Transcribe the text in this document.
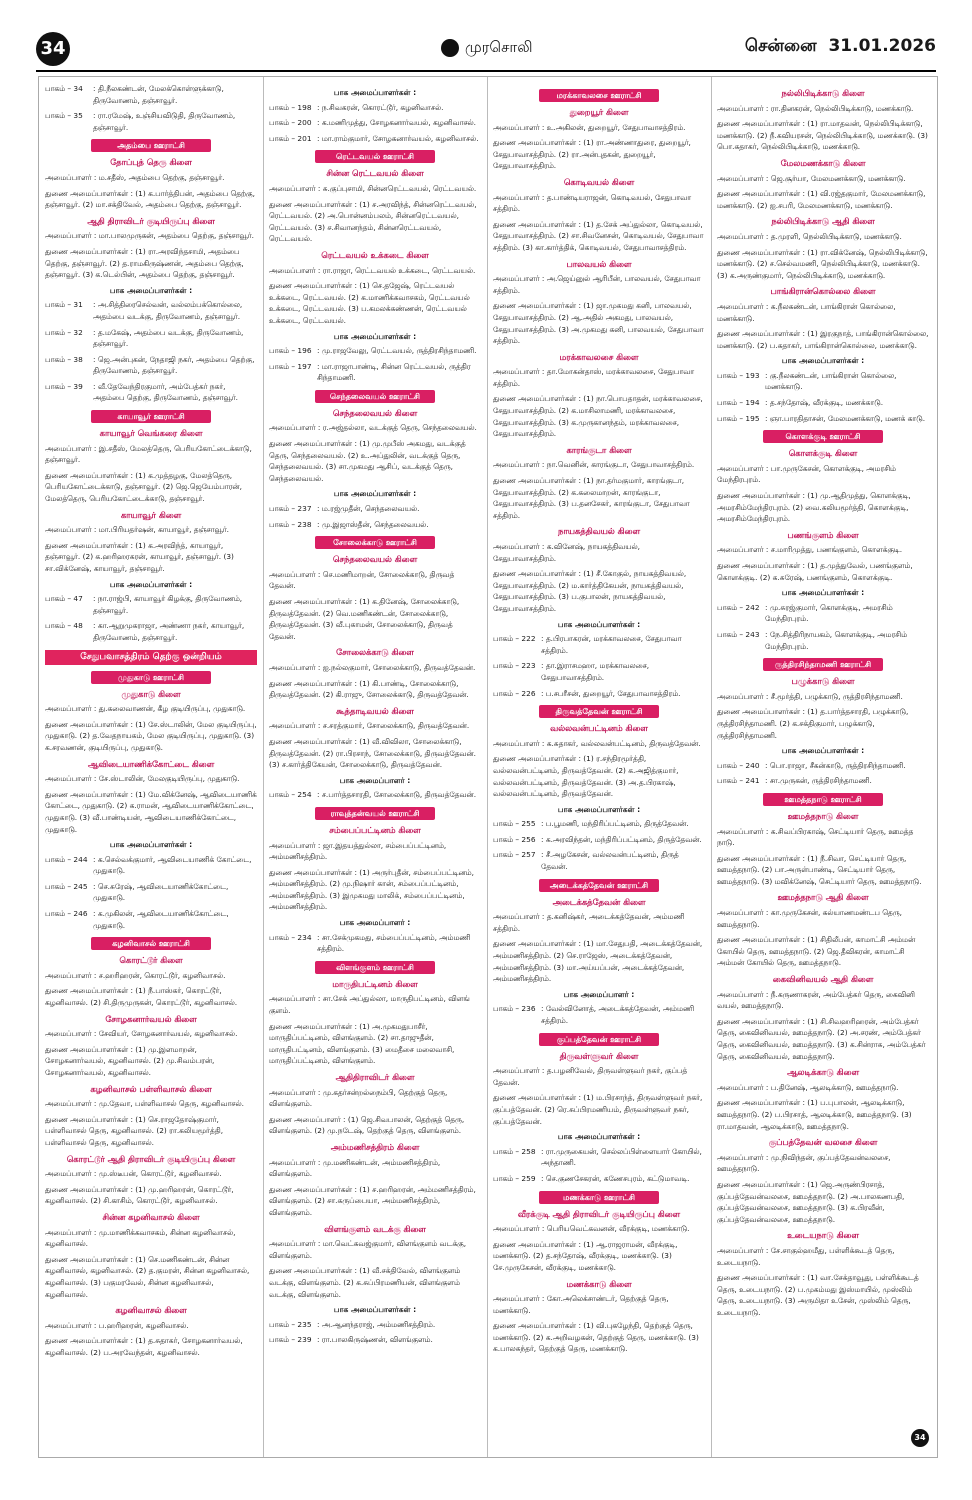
34	முரசொலி	சென்னை 31.01.2026
பாகம் – 34	: தி.நீலகண்டன், மேலக்கொள்ளுக்காடு, திருவோணம், தஞ்சாவூர்.
பாகம் – 35	: ரா.ரமேஷ், உஞ்சியவிடுதி, திருவோணம், தஞ்சாவூர்.
அதம்பை ஊராட்சி
தோப்புத் தெரு கிளை

அமைப்பாளர் : ம.சதீஸ், அதம்பை தெற்கு, தஞ்சாவூர்.

துணை அமைப்பாளர்கள் : (1) க.பார்த்திபன், அதம்பை தெற்கு, தஞ்சாவூர். (2) மா.சக்திவேல், அதம்பை தெற்கு, தஞ்சாவூர்.

ஆதி திராவிடர் குடியிருப்பு கிளை

அமைப்பாளர் : மா.பாலமுருகன், அதம்பை தெற்கு, தஞ்சாவூர்.

துணை அமைப்பாளர்கள் : (1) ரா.அரவிந்தசாமி, அதம்பை தெற்கு, தஞ்சாவூர். (2) த.ராமகிருஷ்ணன், அதம்பை தெற்கு, தஞ்சாவூர். (3) க.டெல்பின், அதம்பை தெற்கு, தஞ்சாவூர்.

பாக அமைப்பாளர்கள் :
பாகம் – 31	: அ.சித்திரைசெல்வன், வல்லம்பக்கொல்லை, அதம்பை வடக்கு, திருவோணம், தஞ்சாவூர்.
பாகம் – 32	: த.மகேஷ், அதம்பை வடக்கு, திருவோணம், தஞ்சாவூர்.
பாகம் – 38	: ஜெ.அன்புகன், நேதாஜி நகர், அதம்பை தெற்கு, திருவோணம், தஞ்சாவூர்.
பாகம் – 39	: வீ.தேவேந்திரகுமார், அம்பேத்கர் நகர், அதம்பை தெற்கு, திருவோணம், தஞ்சாவூர்.
காயாவூர் ஊராட்சி
காயாவூர் வெங்கரை கிளை

அமைப்பாளர் : இ.சதீஸ், மேலத்தெரு, பெரியகோட்டைக்காடு, தஞ்சாவூர்.

துணை அமைப்பாளர்கள் : (1) க.முத்தழகு, மேலத்தெரு, பெரியகோட்டைக்காடு, தஞ்சாவூர். (2) ஜெ.ஜெயேம்பாரன், மேலத்தெரு, பெரியகோட்டைக்காடு, தஞ்சாவூர்.

காயாவூர் கிளை

அமைப்பாளர் : மா.பிரியதர்ஷன், காயாவூர், தஞ்சாவூர்.

துணை அமைப்பாளர்கள் : (1) க.அரவிந்த், காயாவூர், தஞ்சாவூர். (2) க.ஹரிஹரகரன், காயாவூர், தஞ்சாவூர். (3) சா.விக்னேஷ், காயாவூர், தஞ்சாவூர்.

பாக அமைப்பாளர்கள் :
பாகம் – 47	: நா.ராஜ்பி, காயாவூர் கிழக்கு, திருவோணம், தஞ்சாவூர்.
பாகம் – 48	: கா.ஆறுமுகராஜா, அண்ணா நகர், காயாவூர், திருவோணம், தஞ்சாவூர்.
சேதுபவாசத்திரம் தெற்கு ஒன்றியம்
முதுகாடு ஊராட்சி
முதுகாடு கிளை

அமைப்பாளர் : து.கலைவாணன், கீழ குடியிருப்பு, முதுகாடு.

துணை அமைப்பாளர்கள் : (1) சே.ஸ்டாலின், மேல குடியிருப்பு, முதுகாடு. (2) த.வேதநாயகம், மேல குடியிருப்பு, முதுகாடு. (3) க.சரவணன், குடியிருப்பு, முதுகாடு.

ஆவிடையாணிக்கோட்டை கிளை

அமைப்பாளர் : சே.ஸ்டாலின், மேலகுடியிருப்பு, முதுகாடு.

துணை அமைப்பாளர்கள் : (1) மே.விக்னேஷ், ஆவிடையாணிக் கோட்டை, முதுகாடு. (2) க.ராமன், ஆவிடையாணிக்கோட்டை, முதுகாடு. (3) வீ.பாண்டியன், ஆவிடையாணிக்கோட்டை, முதுகாடு.

பாக அமைப்பாளர்கள் :
பாகம் – 244 : க.செல்வக்குமார், ஆவிடையாணிக் கோட்டை, முதுகாடு.
பாகம் – 245 : செ.சுரேஷ், ஆவிடையாணிக்கோட்டை, முதுகாடு.
பாகம் – 246 : க.முகிலன், ஆவிடையாணிக்கோட்டை, முதுகாடு.
கழனிவாசல் ஊராட்சி
கொரட்டூர் கிளை

அமைப்பாளர் : ச.ஹரிஹரன், கொரட்டூர், கழனிவாசல்.

துணை அமைப்பாளர்கள் : (1) நீ.பாஸ்கர், கொரட்டூர், கழனிவாசல். (2) சி.திருமுருகன், கொரட்டூர், கழனிவாசல்.

சோழகனார்வயல் கிளை

அமைப்பாளர் : சேவியர், சோழகனார்வயல், கழனிவாசல்.

துணை அமைப்பாளர்கள் : (1) மு.இளமாறன், சோழகனார்வயல், கழனிவாசல். (2) மு.சிவம்பரன், சோழகனார்வயல், கழனிவாசல்.

கழனிவாசல் பள்ளிவாசல் கிளை

அமைப்பாளர் : மு.தேவா, பள்ளிவாசல் தெரு, கழனிவாசல்.

துணை அமைப்பாளர்கள் : (1) செ.ராஜதோஷ்குமார், பள்ளிவாசல் தெரு, கழனிவாசல். (2) ரா.கலியமூர்த்தி, பள்ளிவாசல் தெரு, கழனிவாசல்.

கொரட்டூர் ஆதி திராவிடர் குடியிருப்பு கிளை

அமைப்பாளர் : மு.ஸ்டீபன், கொரட்டூர், கழனிவாசல்.

துணை அமைப்பாளர்கள் : (1) மு.ஹரிஹரன், கொரட்டூர், கழனிவாசல். (2) சி.காசிம், கொரட்டூர், கழனிவாசல்.

சின்ன கழனிவாசல் கிளை

அமைப்பாளர் : மு.மாணிக்கவாசகம், சின்ன கழனிவாசல், கழனிவாசல்.

துணை அமைப்பாளர்கள் : (1) செ.மணிகண்டன், சின்ன கழனிவாசல், கழனிவாசல். (2) த.குமரன், சின்ன கழனிவாசல், கழனிவாசல். (3) பகுமரவேல், சின்ன கழனிவாசல், கழனிவாசல்.

கழனிவாசல் கிளை

அமைப்பாளர் : ப.ஹரிஹரன், கழனிவாசல்.

துணை அமைப்பாளர்கள் : (1) த.சுதாகர், சோழகனார்வயல், கழனிவாசல். (2) ப.அரவேந்தன், கழனிவாசல்.

பாக அமைப்பாளர்கள் :
பாகம் – 198 : ந.சிவகரன், கொரட்டூர், கழனிவாசல்.
பாகம் – 200 : க.மணிமுத்து, சோழகனார்வயல், கழனிவாசல்.
பாகம் – 201 : மா.ராம்குமார், சோழகனார்வயல், கழனிவாசல்.
ரெட்டவயல் ஊராட்சி
சின்ன ரெட்டவயல் கிளை

அமைப்பாளர் : சு.குப்புசாமி, சின்னரெட்டவயல், ரெட்டவயல்.

துணை அமைப்பாளர்கள் : (1) ச.அரவிந்த், சின்னரெட்டவயல், ரெட்டவயல். (2) அ.பொன்னம்பலம், சின்னரெட்டவயல், ரெட்டவயல். (3) ச.சிவானந்தம், சின்னரெட்டவயல், ரெட்டவயல்.

ரெட்டவயல் உக்கடை கிளை

அமைப்பாளர் : ரா.ராஜா, ரெட்டவயல் உக்கடை, ரெட்டவயல்.

துணை அமைப்பாளர்கள் : (1) செ.தஜேஷ், ரெட்டவயல் உக்கடை, ரெட்டவயல். (2) க.மாணிக்கவாசகம், ரெட்டவயல் உக்கடை, ரெட்டவயல். (3) ப.கமலக்கண்ணன், ரெட்டவயல் உக்கடை, ரெட்டவயல்.

பாக அமைப்பாளர்கள் :
பாகம் – 196 : மு.ராஜவேலு, ரெட்டவயல், ருத்திரசிந்தாமணி.
பாகம் – 197 : மா.ராஜாபாண்டி, சின்ன ரெட்டவயல், ருத்திர சிந்தாமணி.
செந்தலைவயல் ஊராட்சி
செந்தலைவயல் கிளை

அமைப்பாளர் : ர.அஜ்தல்லா, வடக்குத் தெரு, செந்தலைவயல்.

துணை அமைப்பாளர்கள் : (1) மு.முபீஸ் அகமது, வடக்குத் தெரு, செந்தலைவயல். (2) உ.அப்துலின், வடக்குத் தெரு, செந்தலைவயல். (3) சா.முகமது ஆசிப், வடக்குத் தெரு, செந்தலைவயல்.

பாக அமைப்பாளர்கள் :
பாகம் – 237 : ம.ரஜ்முதீன், செந்தலைவயல்.
பாகம் – 238 : மு.இஜாஸ்தீன், செந்தலைவயல்.
சோலைக்காடு ஊராட்சி
செந்தலைவயல் கிளை

அமைப்பாளர் : செ.மணிமாறன், சோலைக்காடு, திருவத் தேவன்.

துணை அமைப்பாளர்கள் : (1) க.தினேஷ், சோலைக்காடு, திருவத்தேவன். (2) வெ.மணிகண்டன், சோலைக்காடு, திருவத்தேவன். (3) வீ.புகாமன், சோலைக்காடு, திருவத் தேவன்.

சோலைக்காடு கிளை

அமைப்பாளர் : ஐ.நல்லகுமார், சோலைக்காடு, திருவத்தேவன்.

துணை அமைப்பாளர்கள் : (1) கி.பாண்டி, சோலைக்காடு, திருவத்தேவன். (2) கி.ராஜு, சோலைக்காடு, திருவத்தேவன்.

கூத்தாடிவயல் கிளை

அமைப்பாளர் : ச.சரத்குமார், சோலைக்காடு, திருவத்தேவன்.

துணை அமைப்பாளர்கள் : (1) வீ.விவிலா, சோலைக்காடு, திருவத்தேவன். (2) ரா.பிரசாந், சோலைக்காடு, திருவத்தேவன். (3) ச.கார்த்திகேயன், சோலைக்காடு, திருவத்தேவன்.

பாக அமைப்பாளர் :
பாகம் – 254 : ச.பார்த்தசாரதி, சோலைக்காடு, திருவத்தேவன்.
ராவுத்தன்வயல் ஊராட்சி
சம்பைப்பட்டினம் கிளை

அமைப்பாளர் : ஜா.இதயத்துல்லா, சம்பைப்பட்டினம், அம்மணிசத்திரம்.

துணை அமைப்பாளர்கள் : (1) அருர்புதீன், சம்பைப்பட்டினம், அம்மணிசத்திரம். (2) மு.நிஷார் கான், சம்பைப்பட்டினம், அம்மணிசத்திரம். (3) இமுகமது மாலிக், சம்பைப்பட்டினம், அம்மணிசத்திரம்.

பாக அமைப்பாளர் :
பாகம் – 234 : சா.சேக்முகமது, சம்பைப்பட்டினம், அம்மணி சத்திரம்.
விளங்குளம் ஊராட்சி
மாருதிபட்டினம் கிளை

அமைப்பாளர் : சா.சேக் அப்துல்லா, மாருதிபட்டினம், விளங் குளம்.

துணை அமைப்பாளர்கள் : (1) அ.முகமதுபாசீர், மாருதிப்பட்டினம், விளங்குளம். (2) சா.தாஜுதீன், மாருதிபட்டினம், விளங்குளம். (3) மைதீசை மலைவாசி, மாருதிப்பட்டினம், விளங்குளம்.

ஆதிதிராவிடர் கிளை

அமைப்பாளர் : மு.கதர்சன்றல்நைம்பி, தெற்குத் தெரு, விளங்குளம்.

துணை அமைப்பாளர் : (1) ஜெ.சிவபாலன், தெற்குத் தெரு, விளங்குளம். (2) மு.நடேஷ், தெற்குத் தெரு, விளங்குளம்.

அம்மணிசத்திரம் கிளை

அமைப்பாளர் : மு.மணிகண்டன், அம்மணிசத்திரம், விளங்குளம்.

துணை அமைப்பாளர்கள் : (1) ச.ஹரிஹரன், அம்மணிசத்திரம், விளங்குளம். (2) சா.கருப்பையா, அம்மணிசத்திரம், விளங்குளம்.

விளங்குளம் வடக்கு கிளை

அமைப்பாளர் : மா.வெட்கவஜ்குமார், விளங்குளம் வடக்கு, விளங்குளம்.

துணை அமைப்பாளர்கள் : (1) வீ.சக்திவேல், விளங்குளம் வடக்கு, விளங்குளம். (2) க.சுப்பிரமணியன், விளங்குளம் வடக்கு, விளங்குளம்.

பாக அமைப்பாளர்கள் :
பாகம் – 235 : அ.ஆனந்தராஜ், அம்மணிசத்திரம்.
பாகம் – 239 : ரா.பாலகிருஷ்ணன், விளங்குளம்.
மரக்காவலசை ஊராட்சி
துறையூர் கிளை

அமைப்பாளர் : உ.அகிலன், துறையூர், சேதுபாவாசத்திரம்.

துணை அமைப்பாளர்கள் : (1) ரா.அண்ணாதுரை, துறையூர், சேதுபாவாசத்திரம். (2) ரா.அன்புதகன், துறையூர், சேதுபாவாசத்திரம்.

கொடிவயல் கிளை

அமைப்பாளர் : த.பாண்டியராஜன், கொடிவயல், சேதுபாவா சத்திரம்.

துணை அமைப்பாளர்கள் : (1) த.சேக் அப்துல்லா, கொடிவயல், சேதுபாவாசத்திரம். (2) சா.சிவனேசன், கொடிவயல், சேதுபாவா சத்திரம். (3) கா.கார்த்திக், கொடிவயல், சேதுபாவாசத்திரம்.

பாலவயல் கிளை

அமைப்பாளர் : அ.ஜெய்னுல் ஆரிபீன், பாலவயல், சேதுபாவா சத்திரம்.

துணை அமைப்பாளர்கள் : (1) ஜா.முகமது கனி, பாலவயல், சேதுபாவாசத்திரம். (2) ஆ.அதில் அகமது, பாலவயல், சேதுபாவாசத்திரம். (3) அ.முகமது கனி, பாலவயல், சேதுபாவா சத்திரம்.

மரக்காவலசை கிளை

அமைப்பாளர் : தா.மோகன்தாஸ், மரக்காவலசை, சேதுபாவா சத்திரம்.

துணை அமைப்பாளர்கள் : (1) நா.பொபதாதன், மரக்காவலசை, சேதுபாவாசத்திரம். (2) க.மாசிலாமணி, மரக்காவலசை, சேதுபாவாசத்திரம். (3) க.முருகானந்தம், மரக்காவலசை, சேதுபாவாசத்திரம்.

காரங்குடா கிளை

அமைப்பாளர் : நா.வெனின், காரங்குடா, சேதுபாவாசத்திரம்.

துணை அமைப்பாளர்கள் : (1) நா.தர்மகுமார், காரங்குடா, சேதுபாவாசத்திரம். (2) க.கலைமாறன், காரங்குடா, சேதுபாவாசத்திரம். (3) ப.தனசேகர், காரங்குடா, சேதுபாவா சத்திரம்.

நாயகத்திவயல் கிளை

அமைப்பாளர் : க.வினேஷ், நாயகத்திவயல், சேதுபாவாசத்திரம்.

துணை அமைப்பாளர்கள் : (1) சீ.கோகுல், நாயகத்திவயல், சேதுபாவாசத்திரம். (2) ம.கார்த்திகேயன், நாயகத்திவயல், சேதுபாவாசத்திரம். (3) ப.குபாலன், நாயகத்திவயல், சேதுபாவாசத்திரம்.

பாக அமைப்பாளர்கள் :
பாகம் – 222 : த.பிரபாகரன், மரக்காவலசை, சேதுபாவா சத்திரம்.
பாகம் – 223 : தா.இராசமஹா, மரக்காவலசை, சேதுபாவாசத்திரம்.
பாகம் – 226 : ப.சபரீசன், துறையூர், சேதுபாவாசத்திரம்.
திருவத்தேவன் ஊராட்சி
வல்லவன்பட்டினம் கிளை

அமைப்பாளர் : க.சுதாகர், வல்லவன்பட்டினம், திருவத்தேவன்.

துணை அமைப்பாளர்கள் : (1) ர.சந்திரமூர்த்தி, வல்லவன்பட்டினம், திருவத்தேவன். (2) க.அஜித்குமார், வல்லவன்பட்டினம், திருவத்தேவன். (3) அ.த.பிரகாஷ், வல்லவன்பட்டினம், திருவத்தேவன்.

பாக அமைப்பாளர்கள் :
பாகம் – 255 : ப.பூமணி, மந்திரிப்பட்டினம், திருத்தேவன்.
பாகம் – 256 : க.அரவிந்தன், மந்திரிப்பட்டினம், திருத்தேவன்.
பாகம் – 257 : சீ.அழகேசன், வல்லவன்பட்டினம், திருத் தேவன்.
அடைக்கத்தேவன் ஊராட்சி
அடைக்கத்தேவன் கிளை

அமைப்பாளர் : த.கனிஷ்கர், அடைக்கத்தேவன், அம்மணி சத்திரம்.

துணை அமைப்பாளர்கள் : (1) மா.சேதுபதி, அடைக்கத்தேவன், அம்மணிசத்திரம். (2) செ.ராஜேஸ், அடைக்கத்தேவன், அம்மணிசத்திரம். (3) மா.அய்யப்பன், அடைக்கத்தேவன், அம்மணிசத்திரம்.

பாக அமைப்பாளர் :
பாகம் – 236 : வேல்வினோத், அடைக்கத்தேவன், அம்மணி சத்திரம்.
குப்பத்தேவன் ஊராட்சி
திருவள்ளுவர் கிளை

அமைப்பாளர் : த.பழனிவேல், திருவள்ளுவர் நகர், குப்பத் தேவன்.

துணை அமைப்பாளர்கள் : (1) ம.பிரசாந்த், திருவள்ளுவர் நகர், குப்பத்தேவன். (2) ரெ.சுப்பிரமணியம், திருவள்ளுவர் நகர், குப்பத்தேவன்.

பாக அமைப்பாளர்கள் :
பாகம் – 258 : ரா.முருகையன், செல்லப்பிள்ளையார் கோயில், அந்தாணி.
பாகம் – 259 : செ.குணசேகரன், கணேசபுரம், கட்டுமாவடி.
மணக்காடு ஊராட்சி
வீரக்குடி ஆதி திராவிடர் குடியிருப்பு கிளை

அமைப்பாளர் : பெரியவெட்கவனன், வீரக்குடி, மணக்காடு.

துணை அமைப்பாளர்கள் : (1) ஆ.ராஜராமன், வீரக்குடி, மணக்காடு. (2) த.சந்தோஷ், வீரக்குடி, மணக்காடு. (3) சே.முருகேசன், வீரக்குடி, மணக்காடு.

மணக்காடு கிளை

அமைப்பாளர் : கோ.அலெக்சாண்டர், தெற்குத் தெரு, மணக்காடு.

துணை அமைப்பாளர்கள் : (1) வி.புகழேந்தி, தெற்குத் தெரு, மணக்காடு. (2) க.அறிவழகன், தெற்குத் தெரு, மணக்காடு. (3) க.பாலசுந்தர், தெற்குத் தெரு, மணக்காடு.

நல்லிபிடிக்காடு கிளை

அமைப்பாளர் : ரா.தினகரன், நெல்லிபிடிக்காடு, மணக்காடு.

துணை அமைப்பாளர்கள் : (1) ரா.மாதவன், நெல்லிபிடிக்காடு, மணக்காடு. (2) நீ.கவியரசன், நெல்லிபிடிக்காடு, மணக்காடு. (3) பொ.கதாகர், நெல்லிபிடிக்காடு, மணக்காடு.

மேலமணக்காடு கிளை

அமைப்பாளர் : ஜெ.சூர்யா, மேலமணக்காடு, மணக்காடு.

துணை அமைப்பாளர்கள் : (1) வி.ரஜ்தகுமார், மேலமணக்காடு, மணக்காடு. (2) ஐ.சபரி, மேலமணக்காடு, மணக்காடு.

நல்லிபிடிக்காடு ஆதி கிளை

அமைப்பாளர் : த.முரளி, நெல்லிபிடிக்காடு, மணக்காடு.

துணை அமைப்பாளர்கள் : (1) ரா.விக்னேஷ், நெல்லிபிடிக்காடு, மணக்காடு. (2) ச.செல்வமணி, நெல்லிபிடிக்காடு, மணக்காடு. (3) க.அருண்குமார், நெல்லிபிடிக்காடு, மணக்காடு.

பாங்கிரான்கொல்லை கிளை

அமைப்பாளர் : க.நீலகண்டன், பாங்கிரான் கொல்லை, மணக்காடு.

துணை அமைப்பாளர்கள் : (1) இரகுநாத், பாங்கிரான்கொல்லை, மணக்காடு. (2) ப.கதாகர், பாங்கிரான்கொல்லை, மணக்காடு.

பாக அமைப்பாளர்கள் :
பாகம் – 193 : கு.நீலகண்டன், பாங்கிரான் கொல்லை, மணக்காடு.
பாகம் – 194 : த.சந்தோஷ், வீரக்குடி, மணக்காடு.
பாகம் – 195 : ஞா.பாரதிதாசன், மேலமணக்காடு, மணக் காடு.
கொளக்குடி ஊராட்சி
கொளக்குடி கிளை

அமைப்பாளர் : பா.முருகேசன், கொளக்குடி, அமரசிம் மேந்திரபுரம்.

துணை அமைப்பாளர்கள் : (1) மு.ஆதிமுத்து, கொளக்குடி, அமரசிம்மேந்திரபுரம். (2) வை.கலியமூர்த்தி, கொளக்குடி, அமரசிம்மேந்திரபுரம்.

பணங்குளம் கிளை

அமைப்பாளர் : ச.மாரிமுத்து, பணங்குளம், கொளக்குடி.

துணை அமைப்பாளர்கள் : (1) த.முத்துவேல், பணங்குளம், கொளக்குடி. (2) க.சுரேஷ், பணங்குளம், கொளக்குடி.

பாக அமைப்பாளர்கள் :
பாகம் – 242 : மு.சுரஜ்குமார், கொளக்குடி, அமரசிம் மேந்திரபுரம்.
பாகம் – 243 : நே.சித்திரிநாயகம், கொளக்குடி, அமரசிம் மேந்திரபுரம்.
ருத்திரசிந்தாமணி ஊராட்சி
பழுக்காடு கிளை

அமைப்பாளர் : சீ.மூர்த்தி, பழுக்காடு, ருத்திரசிந்தாமணி.

துணை அமைப்பாளர்கள் : (1) த.பார்த்தசாரதி, பழுக்காடு, ருத்திரசிந்தாமணி. (2) க.சக்திகுமார், பழுக்காடு, ருத்திரசிந்தாமணி.

பாக அமைப்பாளர்கள் :
பாகம் – 240 : பொ.ராஜா, சீகன்காடு, ருத்திரசிந்தாமணி.
பாகம் – 241 : சா.முருகன், ருத்திரசிந்தாமணி.
ஊமத்தநாடு ஊராட்சி
ஊமத்தநாடு கிளை

அமைப்பாளர் : க.சிவப்பிரகாஷ், செட்டியார் தெரு, ஊமத்த நாடு.

துணை அமைப்பாளர்கள் : (1) நீ.சிவா, செட்டியார் தெரு, ஊமத்தநாடு. (2) பா.அருள்பாண்டி, செட்டியார் தெரு, ஊமத்தநாடு. (3) மவிக்னேஷ், செட்டியார் தெரு, ஊமத்தநாடு.

ஊமத்தநாடு ஆதி கிளை

அமைப்பாளர் : கா.முருகேசன், கல்யாணமண்டப தெரு, ஊமத்தநாடு.

துணை அமைப்பாளர்கள் : (1) சிதிலீபன், காமாட்சி அம்மன் கோயில் தெரு, ஊமத்தநாடு. (2) ஜெ.தீவிகரன், காமாட்சி அம்மன் கோயில் தெரு, ஊமத்தநாடு.

கைவினிவயல் ஆதி கிளை

அமைப்பாளர் : நீ.கருணாகரன், அம்பேத்கர் தெரு, கைவினி வயல், ஊமத்தநாடு.

துணை அமைப்பாளர்கள் : (1) சி.சிவஹரிஹரன், அம்பேத்கர் தெரு, கைவினிவயல், ஊமத்தநாடு. (2) அ.சரண், அம்பேத்கர் தெரு, கைவினிவயல், ஊமத்தநாடு. (3) க.சின்ராசு, அம்பேத்கர் தெரு, கைவினிவயல், ஊமத்தநாடு.

ஆலடிக்காடு கிளை

அமைப்பாளர் : ப.தினேஷ், ஆலடிக்காடு, ஊமத்தநாடு.

துணை அமைப்பாளர்கள் : (1) ப.புபாலன், ஆலடிக்காடு, ஊமத்தநாடு. (2) ப.பிரசாத், ஆலடிக்காடு, ஊமத்தநாடு. (3) ரா.மாதவன், ஆலடிக்காடு, ஊமத்தநாடு.

குப்பத்தேவன் வலசை கிளை

அமைப்பாளர் : மு.நிவிந்தன், குப்பத்தேவன்வலசை, ஊமத்தநாடு.

துணை அமைப்பாளர்கள் : (1) ஜெ.அருண்பிரசாத், குப்பத்தேவன்வலசை, ஊமத்தநாடு. (2) அ.பாலகணபதி, குப்பத்தேவன்வலசை, ஊமத்தநாடு. (3) க.பிரவீன், குப்பத்தேவன்வலசை, ஊமத்தநாடு.

உடையநாடு கிளை

அமைப்பாளர் : சே.சாகுல்ஹமீது, பள்ளிக்கூடத் தெரு, உடையநாடு.

துணை அமைப்பாளர்கள் : (1) வா.சேக்தாவூது, பள்ளிக்கூடத் தெரு, உடையநாடு. (2) ப.முகம்மது இஸ்மாயில், முஸ்லிம் தெரு, உடையநாடு. (3) அருமிதா உசேன், முஸ்லிம் தெரு, உடையநாடு.

34
